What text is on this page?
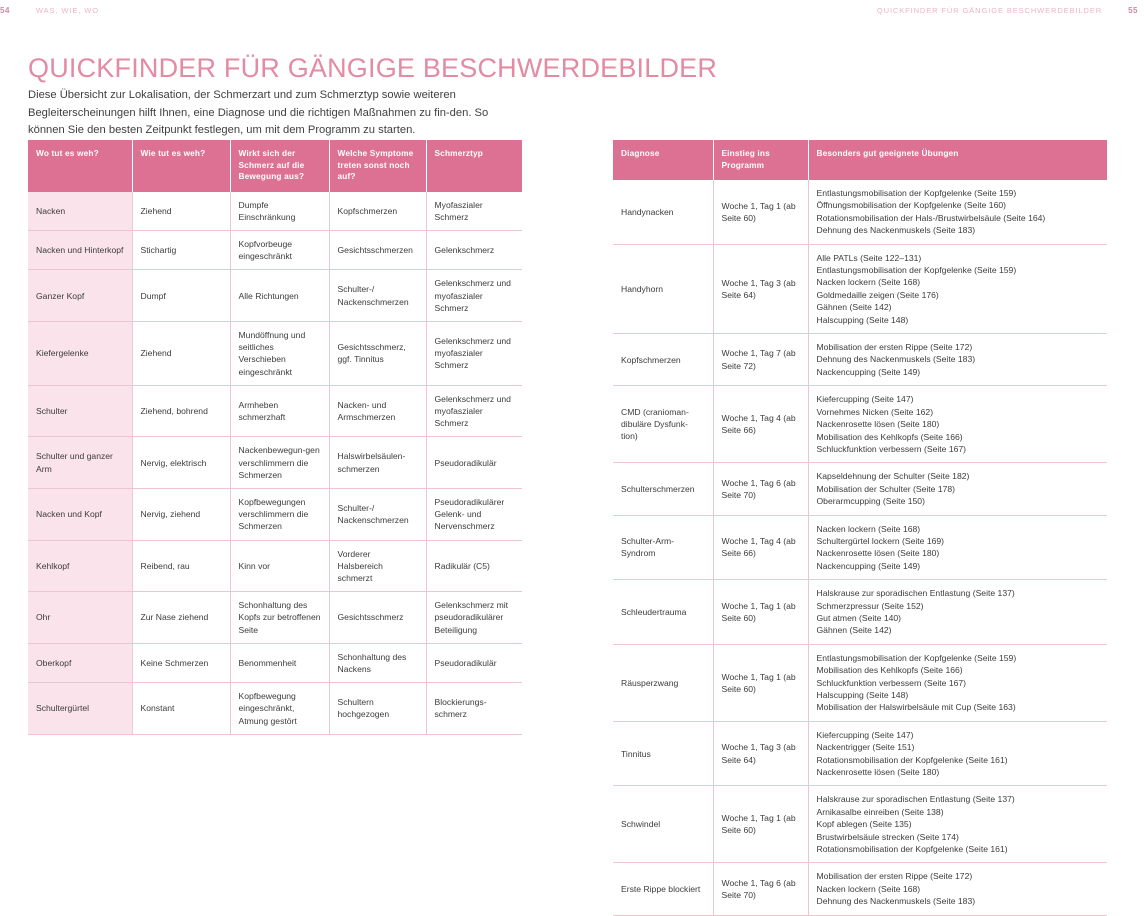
54	WAS, WIE, WO	QUICKFINDER FÜR GÄNGIGE BESCHWERDEBILDER	55
QUICKFINDER FÜR GÄNGIGE BESCHWERDEBILDER

Diese Übersicht zur Lokalisation, der Schmerzart und zum Schmerztyp sowie weiteren Begleiterscheinungen hilft Ihnen, eine Diagnose und die richtigen Maßnahmen zu fin-den. So können Sie den besten Zeitpunkt festlegen, um mit dem Programm zu starten.

Wo tut es weh?	Wie tut es weh?	Wirkt sich der Schmerz auf die Bewegung aus?	Welche Symptome treten sonst noch auf?	Schmerztyp
Nacken	Ziehend	Dumpfe Einschränkung	Kopfschmerzen	Myofaszialer Schmerz
Nacken und Hinterkopf	Stichartig	Kopfvorbeuge eingeschränkt	Gesichtsschmerzen	Gelenkschmerz
Ganzer Kopf	Dumpf	Alle Richtungen	Schulter-/ Nackenschmerzen	Gelenkschmerz und myofaszialer Schmerz
Kiefergelenke	Ziehend	Mundöffnung und seitliches Verschieben eingeschränkt	Gesichtsschmerz, ggf. Tinnitus	Gelenkschmerz und myofaszialer Schmerz
Schulter	Ziehend, bohrend	Armheben schmerzhaft	Nacken- und Armschmerzen	Gelenkschmerz und myofaszialer Schmerz
Schulter und ganzer Arm	Nervig, elektrisch	Nackenbewegun-gen verschlimmern die Schmerzen	Halswirbelsäulen-schmerzen	Pseudoradikulär
Nacken und Kopf	Nervig, ziehend	Kopfbewegungen verschlimmern die Schmerzen	Schulter-/ Nackenschmerzen	Pseudoradikulärer Gelenk- und Nervenschmerz
Kehlkopf	Reibend, rau	Kinn vor	Vorderer Halsbereich schmerzt	Radikulär (C5)
Ohr	Zur Nase ziehend	Schonhaltung des Kopfs zur betroffenen Seite	Gesichtsschmerz	Gelenkschmerz mit pseudoradikulärer Beteiligung
Oberkopf	Keine Schmerzen	Benommenheit	Schonhaltung des Nackens	Pseudoradikulär
Schultergürtel	Konstant	Kopfbewegung eingeschränkt, Atmung gestört	Schultern hochgezogen	Blockierungs-schmerz
Diagnose	Einstieg ins Programm	Besonders gut geeignete Übungen
Handynacken	Woche 1, Tag 1 (ab Seite 60)	Entlastungsmobilisation der Kopfgelenke (Seite 159)
Öffnungsmobilisation der Kopfgelenke (Seite 160)
Rotationsmobilisation der Hals-/Brustwirbelsäule (Seite 164)
Dehnung des Nackenmuskels (Seite 183)

Handyhorn	Woche 1, Tag 3 (ab Seite 64)	
Alle PATLs (Seite 122–131)
Entlastungsmobilisation der Kopfgelenke (Seite 159)
Nacken lockern (Seite 168)
Goldmedaille zeigen (Seite 176)
Gähnen (Seite 142)
Halscupping (Seite 148)

Kopfschmerzen	Woche 1, Tag 7 (ab Seite 72)	Mobilisation der ersten Rippe (Seite 172)
Dehnung des Nackenmuskels (Seite 183)
Nackencupping (Seite 149)

CMD (cranioman-dibuläre Dysfunk-tion)	Woche 1, Tag 4 (ab Seite 66)	Kiefercupping (Seite 147)
Vornehmes Nicken (Seite 162)
Nackenrosette lösen (Seite 180)
Mobilisation des Kehlkopfs (Seite 166)
Schluckfunktion verbessern (Seite 167)

Schulterschmerzen	Woche 1, Tag 6 (ab Seite 70)	Kapseldehnung der Schulter (Seite 182)
Mobilisation der Schulter (Seite 178)
Oberarmcupping (Seite 150)

Schulter-Arm-Syndrom	Woche 1, Tag 4 (ab Seite 66)	Nacken lockern (Seite 168)
Schultergürtel lockern (Seite 169)
Nackenrosette lösen (Seite 180)
Nackencupping (Seite 149)

Schleudertrauma	Woche 1, Tag 1 (ab Seite 60)	Halskrause zur sporadischen Entlastung (Seite 137)
Schmerzpressur (Seite 152)
Gut atmen (Seite 140)
Gähnen (Seite 142)

Räusperzwang	Woche 1, Tag 1 (ab Seite 60)	Entlastungsmobilisation der Kopfgelenke (Seite 159)
Mobilisation des Kehlkopfs (Seite 166)
Schluckfunktion verbessern (Seite 167)
Halscupping (Seite 148)
Mobilisation der Halswirbelsäule mit Cup (Seite 163)

Tinnitus	Woche 1, Tag 3 (ab Seite 64)	Kiefercupping (Seite 147)
Nackentrigger (Seite 151)
Rotationsmobilisation der Kopfgelenke (Seite 161)
Nackenrosette lösen (Seite 180)

Schwindel	Woche 1, Tag 1 (ab Seite 60)	Halskrause zur sporadischen Entlastung (Seite 137)
Arnikasalbe einreiben (Seite 138)
Kopf ablegen (Seite 135)
Brustwirbelsäule strecken (Seite 174)
Rotationsmobilisation der Kopfgelenke (Seite 161)

Erste Rippe blockiert	Woche 1, Tag 6 (ab Seite 70)	Mobilisation der ersten Rippe (Seite 172)
Nacken lockern (Seite 168)
Dehnung des Nackenmuskels (Seite 183)
